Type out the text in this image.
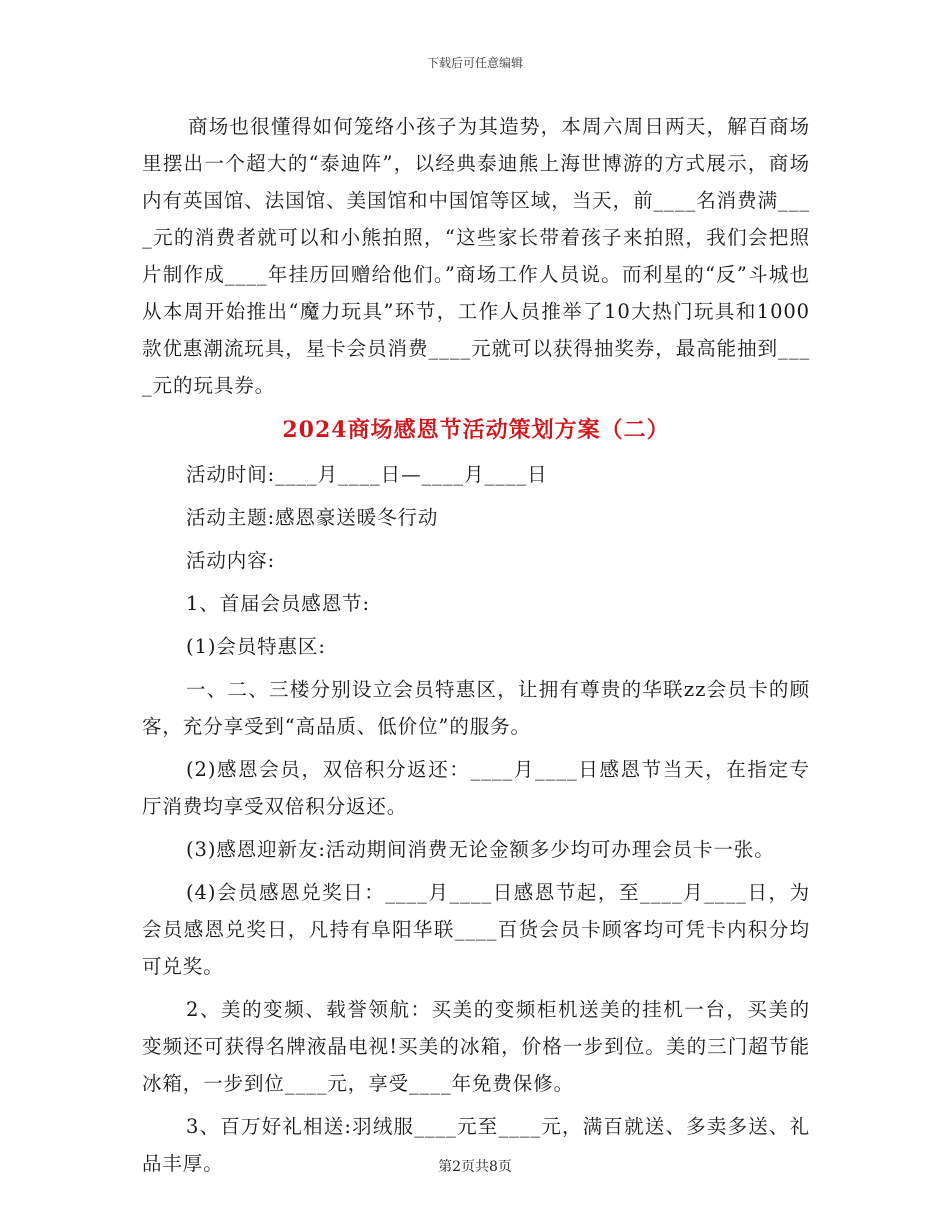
下载后可任意编辑

商场也很懂得如何笼络小孩子为其造势，本周六周日两天，解百商场里摆出一个超大的“泰迪阵”，以经典泰迪熊上海世博游的方式展示，商场内有英国馆、法国馆、美国馆和中国馆等区域，当天，前____名消费满____元的消费者就可以和小熊拍照，“这些家长带着孩子来拍照，我们会把照片制作成____年挂历回赠给他们。”商场工作人员说。而利星的“反”斗城也从本周开始推出“魔力玩具”环节，工作人员推举了10大热门玩具和1000款优惠潮流玩具，星卡会员消费____元就可以获得抽奖券，最高能抽到____元的玩具券。

2024商场感恩节活动策划方案（二）

活动时间:____月____日—____月____日

活动主题:感恩豪送暖冬行动

活动内容:

1、首届会员感恩节:

(1)会员特惠区:

一、二、三楼分别设立会员特惠区，让拥有尊贵的华联zz会员卡的顾客，充分享受到“高品质、低价位”的服务。

(2)感恩会员，双倍积分返还：____月____日感恩节当天，在指定专厅消费均享受双倍积分返还。

(3)感恩迎新友:活动期间消费无论金额多少均可办理会员卡一张。

(4)会员感恩兑奖日：____月____日感恩节起，至____月____日，为会员感恩兑奖日，凡持有阜阳华联____百货会员卡顾客均可凭卡内积分均可兑奖。

2、美的变频、载誉领航：买美的变频柜机送美的挂机一台，买美的变频还可获得名牌液晶电视!买美的冰箱，价格一步到位。美的三门超节能冰箱，一步到位____元，享受____年免费保修。

3、百万好礼相送:羽绒服____元至____元，满百就送、多卖多送、礼品丰厚。	第2页共8页
